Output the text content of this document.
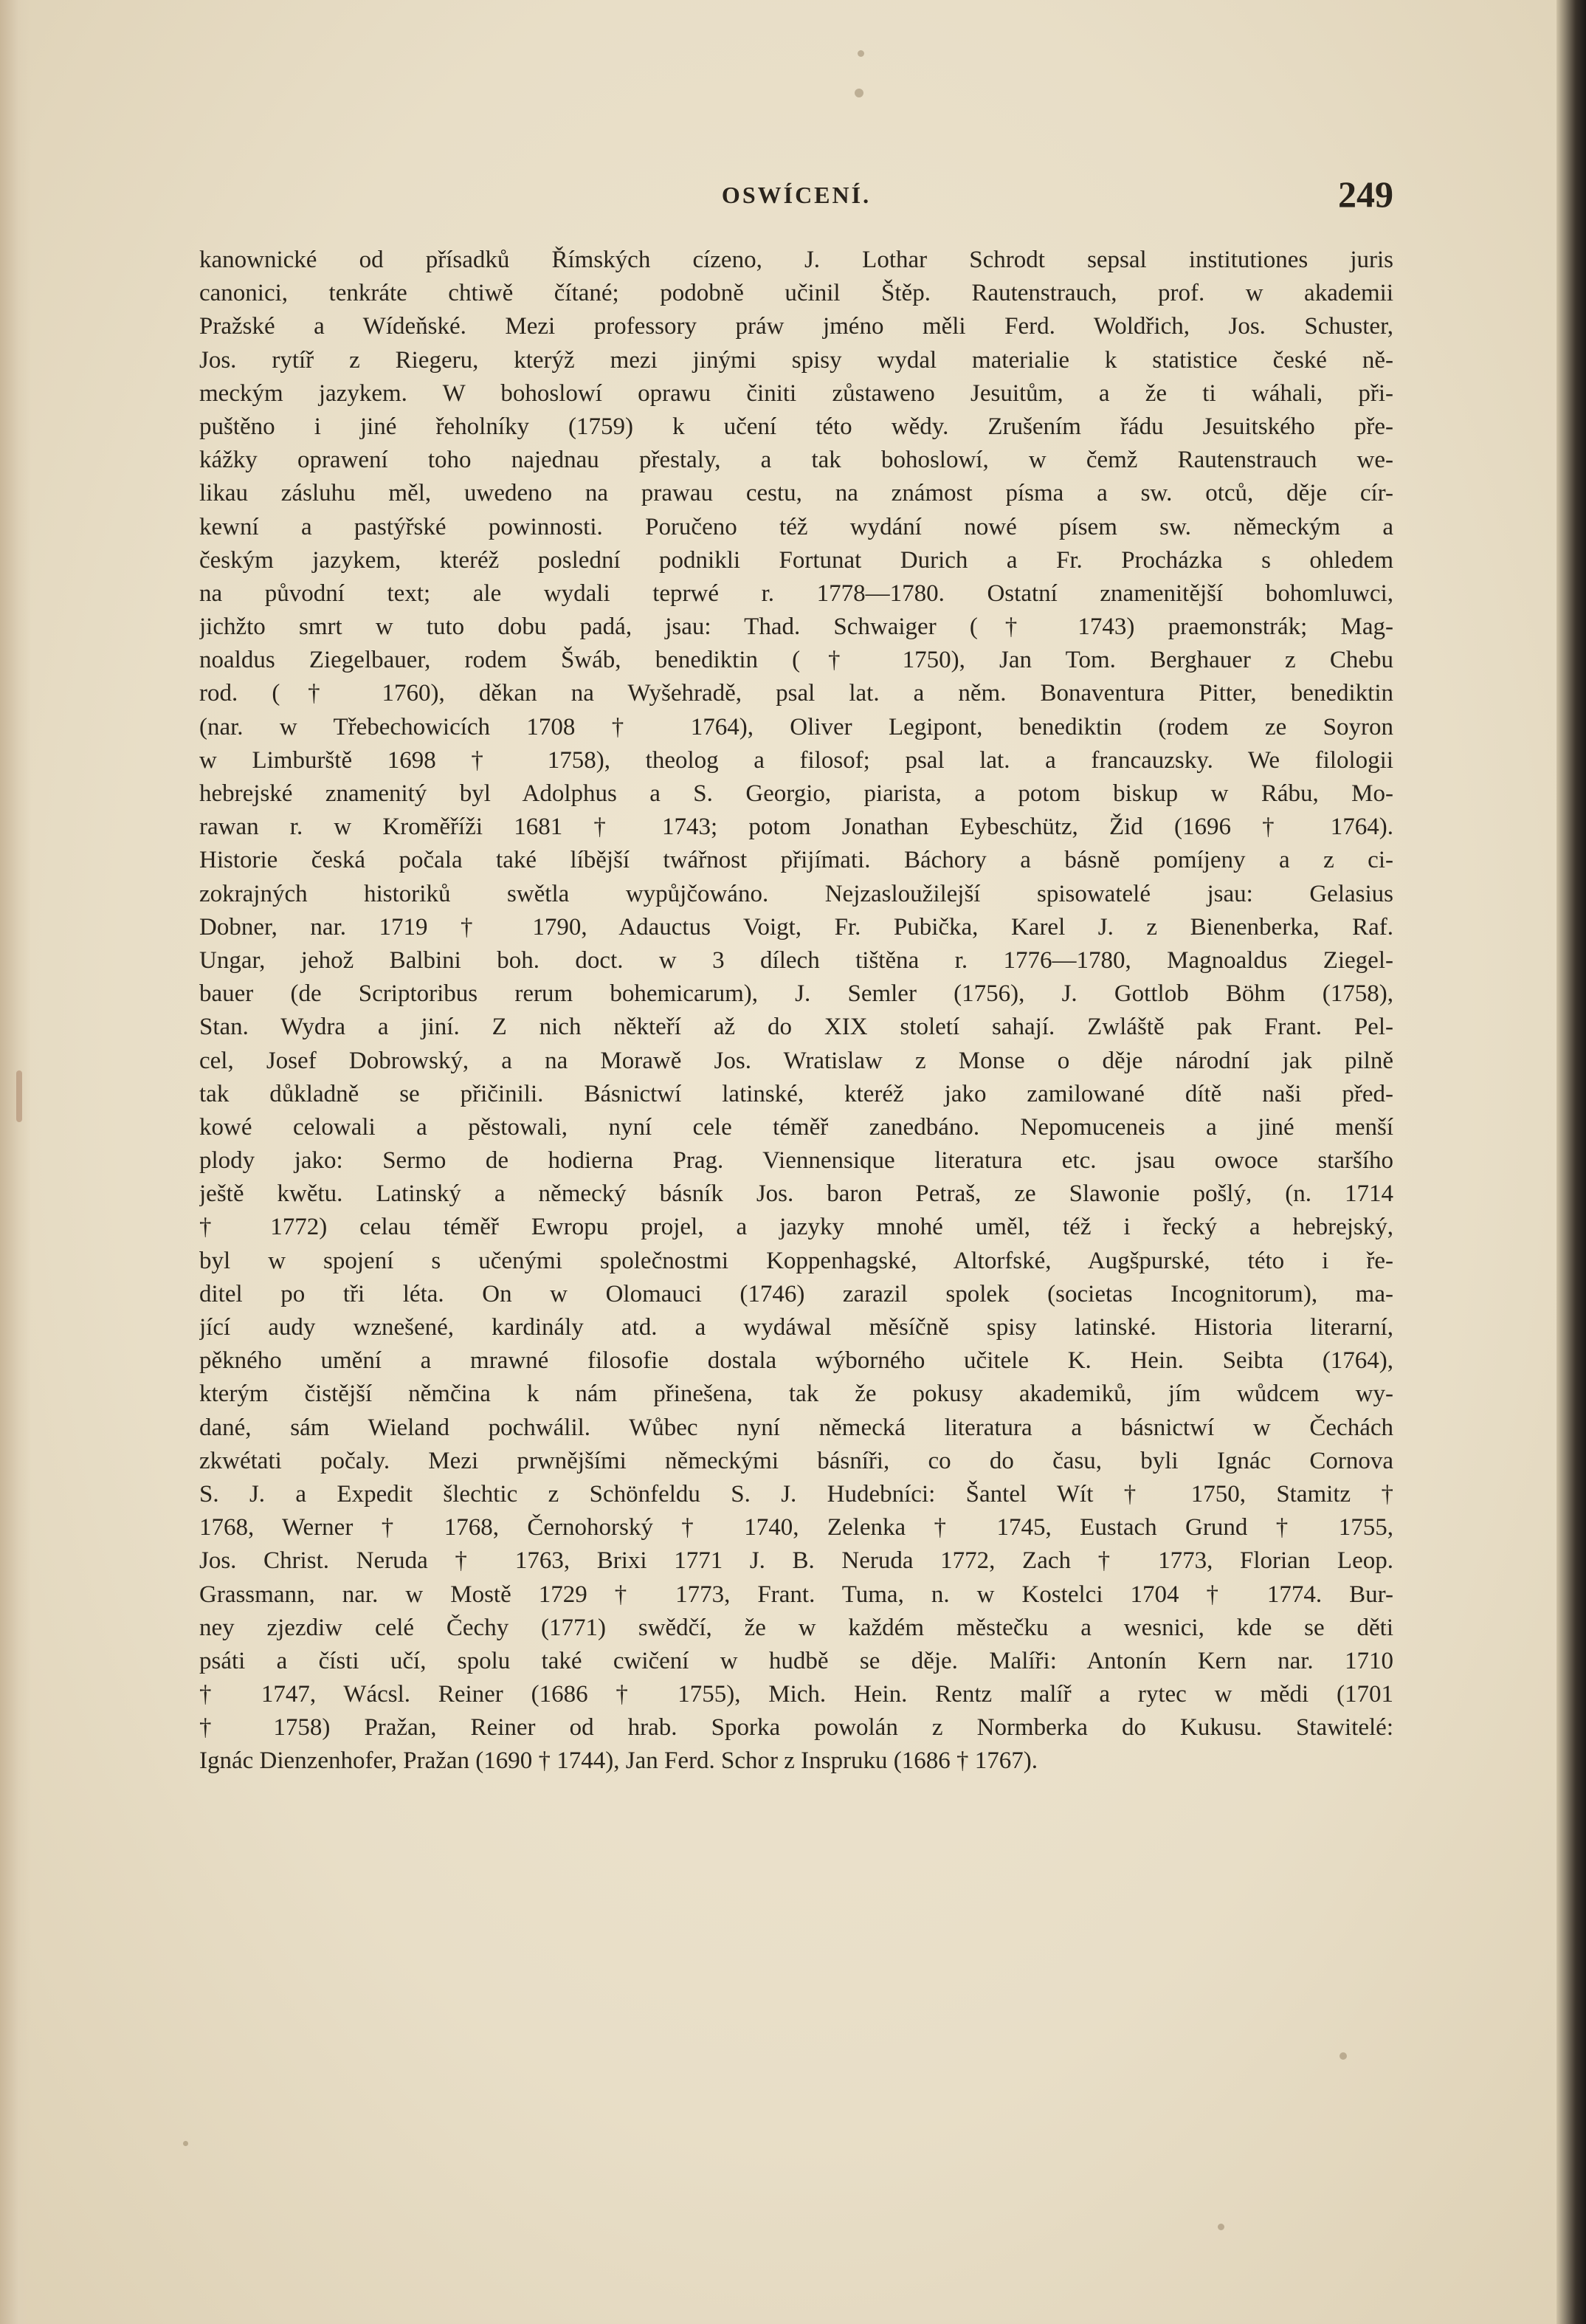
OSWÍCENÍ.	249
kanownické od přísadků Římských cízeno, J. Lothar Schrodt sepsal institutiones juris
canonici, tenkráte chtiwě čítané; podobně učinil Štěp. Rautenstrauch, prof. w akademii
Pražské a Wídeňské. Mezi professory práw jméno měli Ferd. Woldřich, Jos. Schuster,
Jos. rytíř z Riegeru, kterýž mezi jinými spisy wydal materialie k statistice české ně-
meckým jazykem. W bohoslowí oprawu činiti zůstaweno Jesuitům, a že ti wáhali, při-
puštěno i jiné řeholníky (1759) k učení této wědy. Zrušením řádu Jesuitského pře-
kážky oprawení toho najednau přestaly, a tak bohoslowí, w čemž Rautenstrauch we-
likau zásluhu měl, uwedeno na prawau cestu, na známost písma a sw. otců, děje cír-
kewní a pastýřské powinnosti. Poručeno též wydání nowé písem sw. německým a
českým jazykem, kteréž poslední podnikli Fortunat Durich a Fr. Procházka s ohledem
na původní text; ale wydali teprwé r. 1778—1780. Ostatní znamenitější bohomluwci,
jichžto smrt w tuto dobu padá, jsau: Thad. Schwaiger († 1743) praemonstrák; Mag-
noaldus Ziegelbauer, rodem Šwáb, benediktin († 1750), Jan Tom. Berghauer z Chebu
rod. († 1760), děkan na Wyšehradě, psal lat. a něm. Bonaventura Pitter, benediktin
(nar. w Třebechowicích 1708 † 1764), Oliver Legipont, benediktin (rodem ze Soyron
w Limburště 1698 † 1758), theolog a filosof; psal lat. a francauzsky. We filologii
hebrejské znamenitý byl Adolphus a S. Georgio, piarista, a potom biskup w Rábu, Mo-
rawan r. w Kroměříži 1681 † 1743; potom Jonathan Eybeschütz, Žid (1696 † 1764).
Historie česká počala také líbější twářnost přijímati. Báchory a básně pomíjeny a z ci-
zokrajných historiků swětla wypůjčowáno. Nejzasloužilejší spisowatelé jsau: Gelasius
Dobner, nar. 1719 † 1790, Adauctus Voigt, Fr. Pubička, Karel J. z Bienenberka, Raf.
Ungar, jehož Balbini boh. doct. w 3 dílech tištěna r. 1776—1780, Magnoaldus Ziegel-
bauer (de Scriptoribus rerum bohemicarum), J. Semler (1756), J. Gottlob Böhm (1758),
Stan. Wydra a jiní. Z nich někteří až do XIX století sahají. Zwláště pak Frant. Pel-
cel, Josef Dobrowský, a na Morawě Jos. Wratislaw z Monse o děje národní jak pilně
tak důkladně se přičinili. Básnictwí latinské, kteréž jako zamilowané dítě naši před-
kowé celowali a pěstowali, nyní cele téměř zanedbáno. Nepomuceneis a jiné menší
plody jako: Sermo de hodierna Prag. Viennensique literatura etc. jsau owoce staršího
ještě kwětu. Latinský a německý básník Jos. baron Petraš, ze Slawonie pošlý, (n. 1714
† 1772) celau téměř Ewropu projel, a jazyky mnohé uměl, též i řecký a hebrejský,
byl w spojení s učenými společnostmi Koppenhagské, Altorfské, Augšpurské, této i ře-
ditel po tři léta. On w Olomauci (1746) zarazil spolek (societas Incognitorum), ma-
jící audy wznešené, kardinály atd. a wydáwal měsíčně spisy latinské. Historia literarní,
pěkného umění a mrawné filosofie dostala wýborného učitele K. Hein. Seibta (1764),
kterým čistější němčina k nám přinešena, tak že pokusy akademiků, jím wůdcem wy-
dané, sám Wieland pochwálil. Wůbec nyní německá literatura a básnictwí w Čechách
zkwétati počaly. Mezi prwnějšími německými básníři, co do času, byli Ignác Cornova
S. J. a Expedit šlechtic z Schönfeldu S. J. Hudebníci: Šantel Wít † 1750, Stamitz †
1768, Werner † 1768, Černohorský † 1740, Zelenka † 1745, Eustach Grund † 1755,
Jos. Christ. Neruda † 1763, Brixi 1771 J. B. Neruda 1772, Zach † 1773, Florian Leop.
Grassmann, nar. w Mostě 1729 † 1773, Frant. Tuma, n. w Kostelci 1704 † 1774. Bur-
ney zjezdiw celé Čechy (1771) swědčí, že w každém městečku a wesnici, kde se děti
psáti a čísti učí, spolu také cwičení w hudbě se děje. Malíři: Antonín Kern nar. 1710
† 1747, Wácsl. Reiner (1686 † 1755), Mich. Hein. Rentz malíř a rytec w mědi (1701
† 1758) Pražan, Reiner od hrab. Sporka powolán z Normberka do Kukusu. Stawitelé:
Ignác Dienzenhofer, Pražan (1690 † 1744), Jan Ferd. Schor z Inspruku (1686 † 1767).
